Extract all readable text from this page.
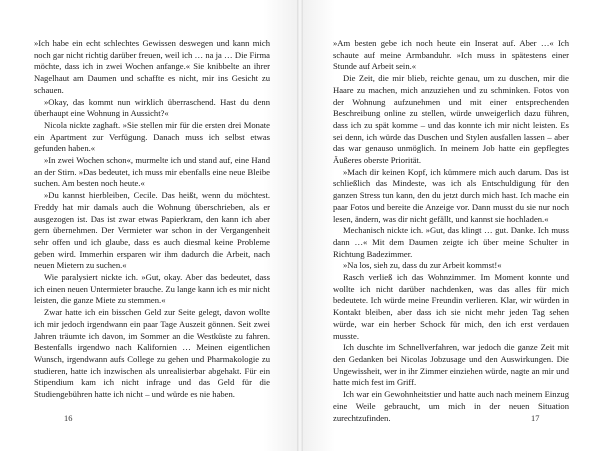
»Ich habe ein echt schlechtes Gewissen deswegen und kann mich noch gar nicht richtig darüber freuen, weil ich … na ja … Die Firma möchte, dass ich in zwei Wochen anfange.« Sie knibbelte an ihrer Nagelhaut am Daumen und schaffte es nicht, mir ins Gesicht zu schauen.

»Okay, das kommt nun wirklich überraschend. Hast du denn überhaupt eine Wohnung in Aussicht?«

Nicola nickte zaghaft. »Sie stellen mir für die ersten drei Monate ein Apartment zur Verfügung. Danach muss ich selbst etwas gefunden haben.«

»In zwei Wochen schon«, murmelte ich und stand auf, eine Hand an der Stirn. »Das bedeutet, ich muss mir ebenfalls eine neue Bleibe suchen. Am besten noch heute.«

»Du kannst hierbleiben, Cecile. Das heißt, wenn du möchtest. Freddy hat mir damals auch die Wohnung überschrieben, als er ausgezogen ist. Das ist zwar etwas Papierkram, den kann ich aber gern übernehmen. Der Vermieter war schon in der Vergangenheit sehr offen und ich glaube, dass es auch diesmal keine Probleme geben wird. Immerhin ersparen wir ihm dadurch die Arbeit, nach neuen Mietern zu suchen.«

Wie paralysiert nickte ich. »Gut, okay. Aber das bedeutet, dass ich einen neuen Untermieter brauche. Zu lange kann ich es mir nicht leisten, die ganze Miete zu stemmen.«

Zwar hatte ich ein bisschen Geld zur Seite gelegt, davon wollte ich mir jedoch irgendwann ein paar Tage Auszeit gönnen. Seit zwei Jahren träumte ich davon, im Sommer an die Westküste zu fahren. Bestenfalls irgendwo nach Kalifornien … Meinen eigentlichen Wunsch, irgendwann aufs College zu gehen und Pharmakologie zu studieren, hatte ich inzwischen als unrealisierbar abgehakt. Für ein Stipendium kam ich nicht infrage und das Geld für die Studiengebühren hatte ich nicht – und würde es nie haben.

16

»Am besten gebe ich noch heute ein Inserat auf. Aber …« Ich schaute auf meine Armbanduhr. »Ich muss in spätestens einer Stunde auf Arbeit sein.«

Die Zeit, die mir blieb, reichte genau, um zu duschen, mir die Haare zu machen, mich anzuziehen und zu schminken. Fotos von der Wohnung aufzunehmen und mit einer entsprechenden Beschreibung online zu stellen, würde unweigerlich dazu führen, dass ich zu spät komme – und das konnte ich mir nicht leisten. Es sei denn, ich würde das Duschen und Stylen ausfallen lassen – aber das war genauso unmöglich. In meinem Job hatte ein gepflegtes Äußeres oberste Priorität.

»Mach dir keinen Kopf, ich kümmere mich auch darum. Das ist schließlich das Mindeste, was ich als Entschuldigung für den ganzen Stress tun kann, den du jetzt durch mich hast. Ich mache ein paar Fotos und bereite die Anzeige vor. Dann musst du sie nur noch lesen, ändern, was dir nicht gefällt, und kannst sie hochladen.«

Mechanisch nickte ich. »Gut, das klingt … gut. Danke. Ich muss dann …« Mit dem Daumen zeigte ich über meine Schulter in Richtung Badezimmer.

»Na los, sieh zu, dass du zur Arbeit kommst!«

Rasch verließ ich das Wohnzimmer. Im Moment konnte und wollte ich nicht darüber nachdenken, was das alles für mich bedeutete. Ich würde meine Freundin verlieren. Klar, wir würden in Kontakt bleiben, aber dass ich sie nicht mehr jeden Tag sehen würde, war ein herber Schock für mich, den ich erst verdauen musste.

Ich duschte im Schnellverfahren, war jedoch die ganze Zeit mit den Gedanken bei Nicolas Jobzusage und den Auswirkungen. Die Ungewissheit, wer in ihr Zimmer einziehen würde, nagte an mir und hatte mich fest im Griff.

Ich war ein Gewohnheitstier und hatte auch nach meinem Einzug eine Weile gebraucht, um mich in der neuen Situation zurechtzufinden.	17
